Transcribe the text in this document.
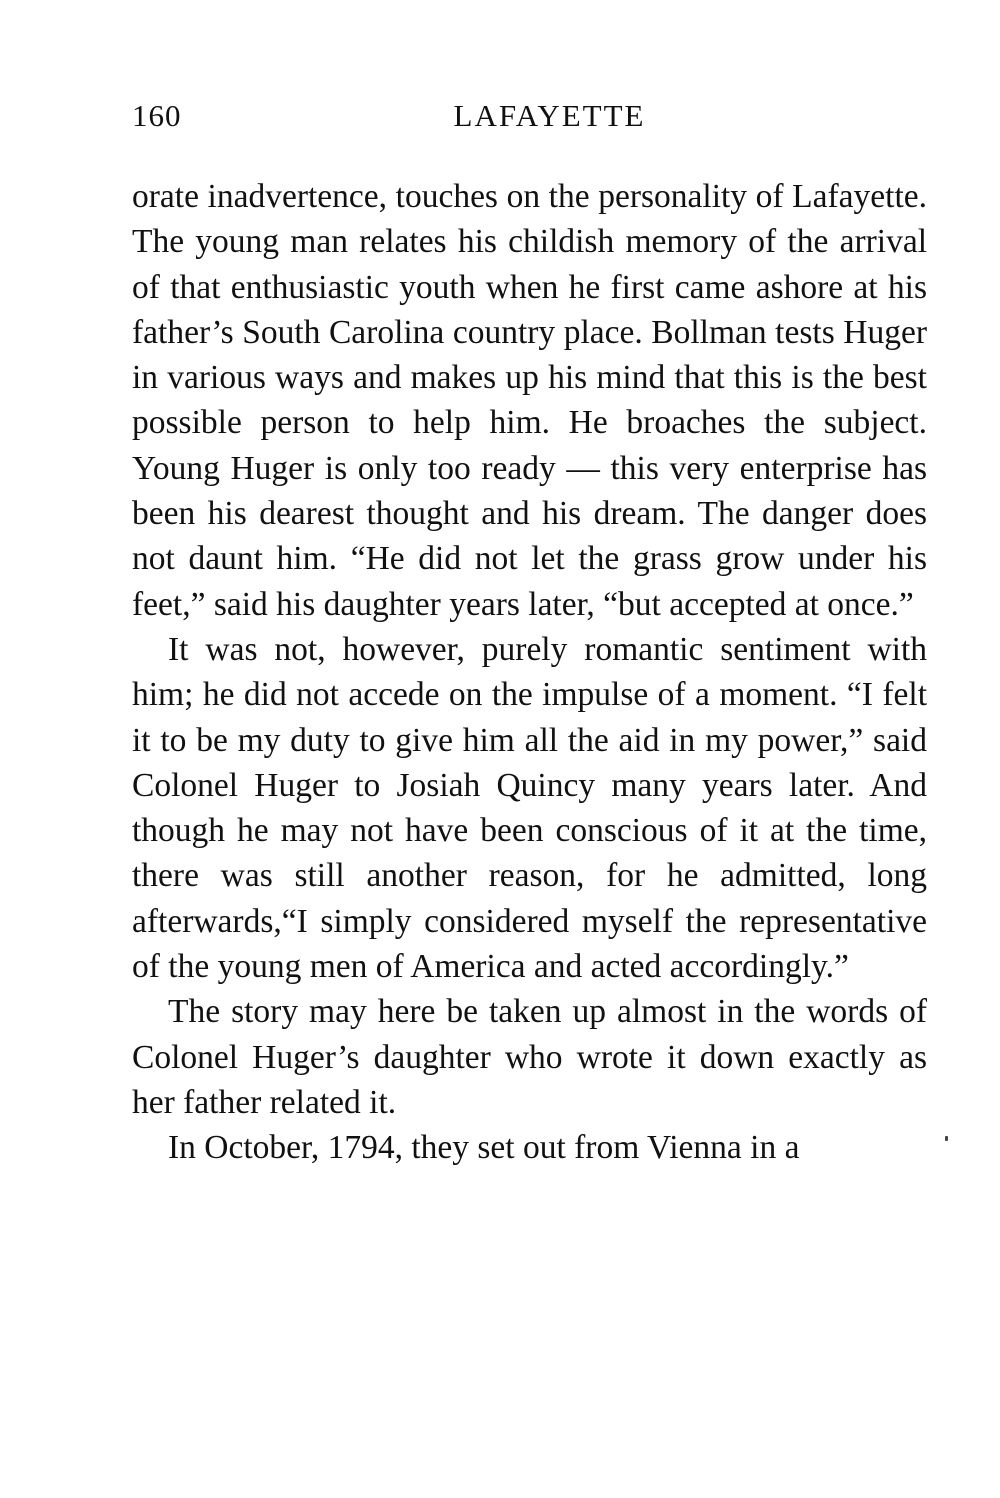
160	LAFAYETTE

orate inadvertence, touches on the personality of Lafayette. The young man relates his childish memory of the arrival of that enthusiastic youth when he first came ashore at his father’s South Carolina country place. Bollman tests Huger in various ways and makes up his mind that this is the best possible person to help him. He broaches the subject. Young Huger is only too ready — this very enterprise has been his dearest thought and his dream. The danger does not daunt him. “He did not let the grass grow under his feet,” said his daughter years later, “but accepted at once.”

It was not, however, purely romantic sentiment with him; he did not accede on the impulse of a moment. “I felt it to be my duty to give him all the aid in my power,” said Colonel Huger to Josiah Quincy many years later. And though he may not have been conscious of it at the time, there was still another reason, for he admitted, long afterwards,“I simply considered myself the representative of the young men of America and acted accordingly.”

The story may here be taken up almost in the words of Colonel Huger’s daughter who wrote it down exactly as her father related it.

In October, 1794, they set out from Vienna in a
